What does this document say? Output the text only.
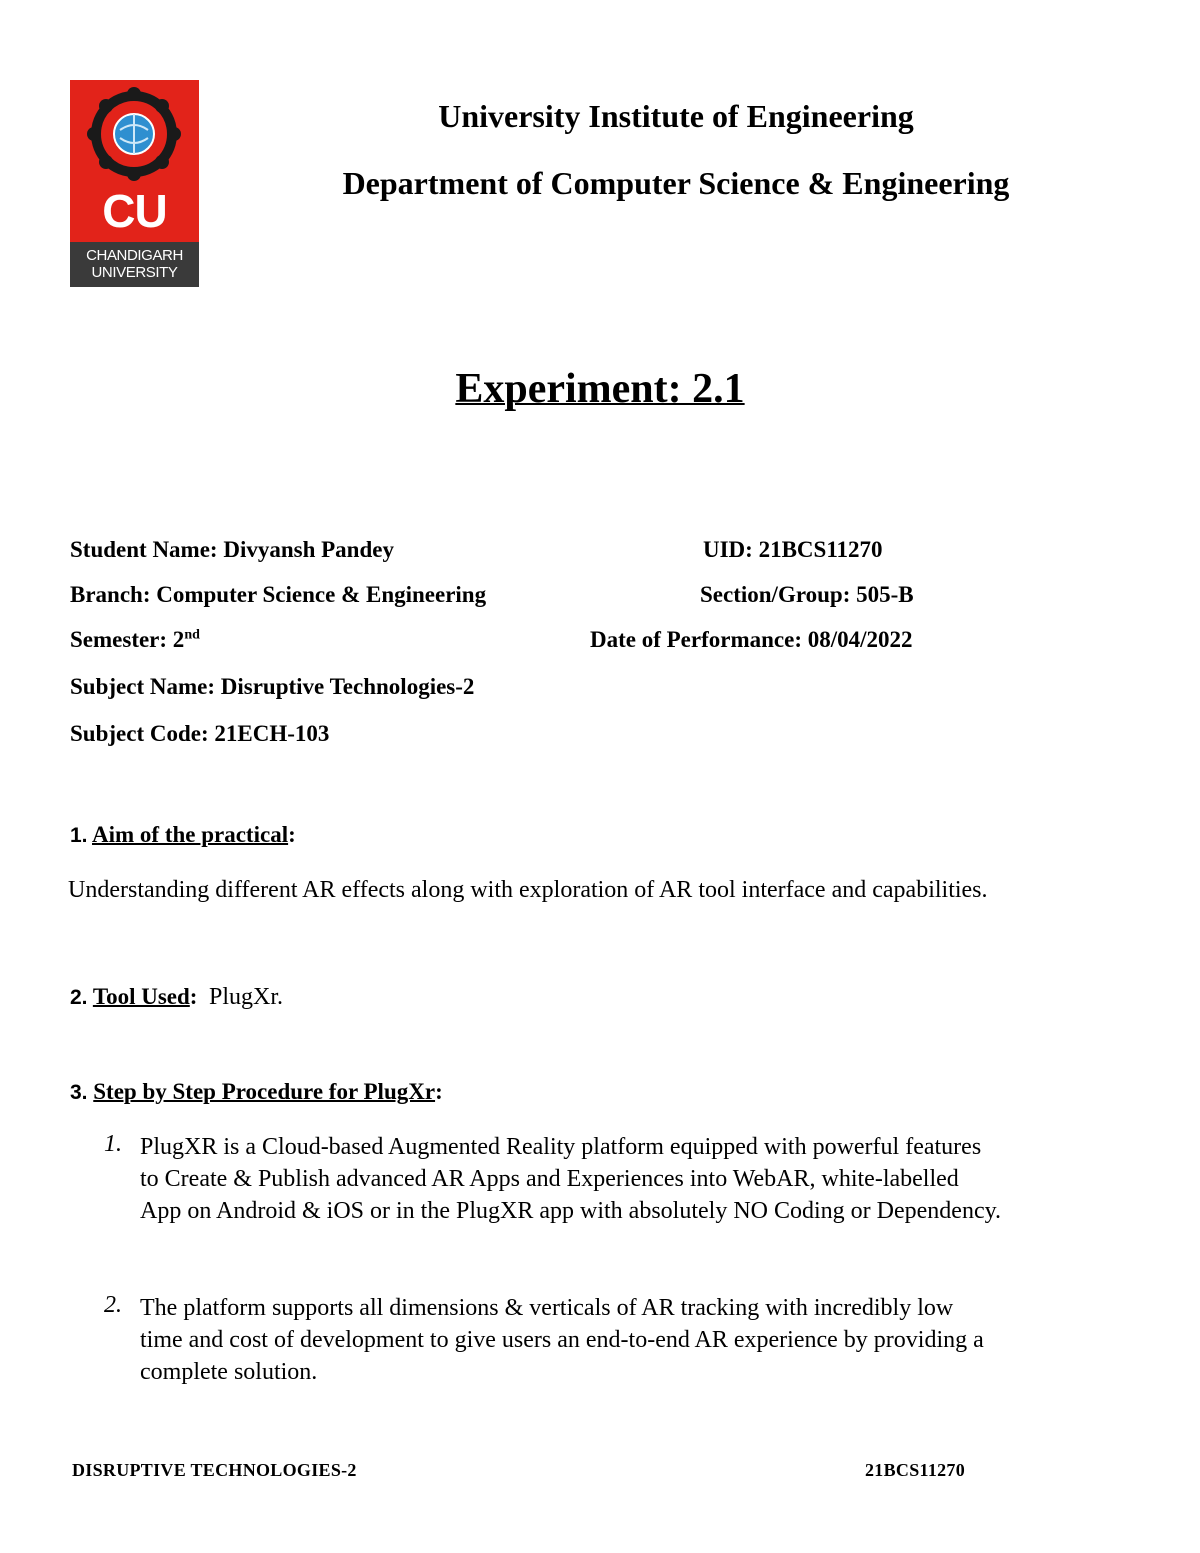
CU
CHANDIGARH
UNIVERSITY
University Institute of Engineering
Department of Computer Science & Engineering
Experiment: 2.1
Student Name: Divyansh Pandey	UID: 21BCS11270
Branch: Computer Science & Engineering	Section/Group: 505-B
Semester: 2nd	Date of Performance: 08/04/2022
Subject Name: Disruptive Technologies-2
Subject Code: 21ECH-103
1. Aim of the practical:
Understanding different AR effects along with exploration of AR tool interface and capabilities.
2. Tool Used:  PlugXr.
3. Step by Step Procedure for PlugXr:
1. PlugXR is a Cloud-based Augmented Reality platform equipped with powerful features
to Create & Publish advanced AR Apps and Experiences into WebAR, white-labelled
App on Android & iOS or in the PlugXR app with absolutely NO Coding or Dependency.
2. The platform supports all dimensions & verticals of AR tracking with incredibly low
time and cost of development to give users an end-to-end AR experience by providing a
complete solution.
DISRUPTIVE TECHNOLOGIES-2	21BCS11270
